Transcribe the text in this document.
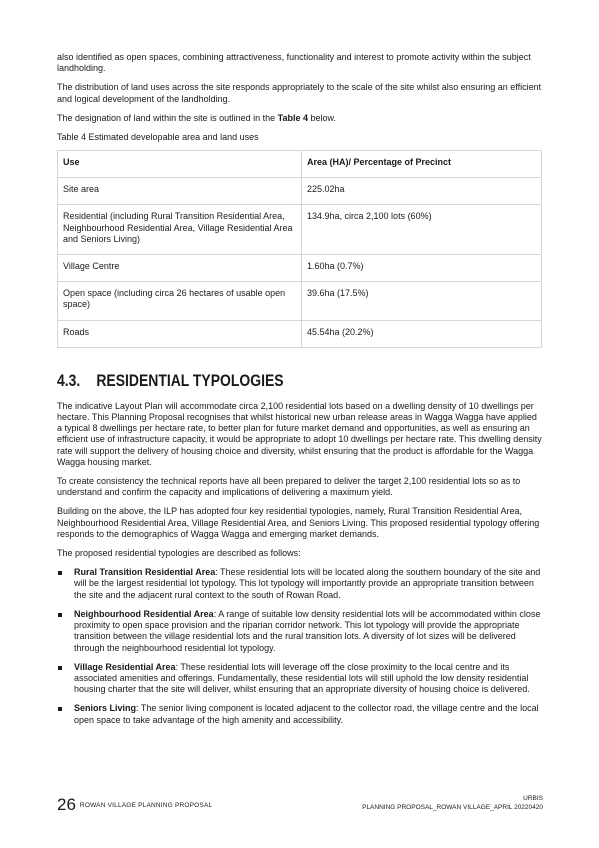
also identified as open spaces, combining attractiveness, functionality and interest to promote activity within the subject landholding.

The distribution of land uses across the site responds appropriately to the scale of the site whilst also ensuring an efficient and logical development of the landholding.

The designation of land within the site is outlined in the Table 4 below.

Table 4 Estimated developable area and land uses
Use	Area (HA)/ Percentage of Precinct
Site area	225.02ha
Residential (including Rural Transition Residential Area, Neighbourhood Residential Area, Village Residential Area and Seniors Living)	134.9ha, circa 2,100 lots (60%)
Village Centre	1.60ha (0.7%)
Open space (including circa 26 hectares of usable open space)	39.6ha (17.5%)
Roads	45.54ha (20.2%)
4.3. RESIDENTIAL TYPOLOGIES

The indicative Layout Plan will accommodate circa 2,100 residential lots based on a dwelling density of 10 dwellings per hectare. This Planning Proposal recognises that whilst historical new urban release areas in Wagga Wagga have applied a typical 8 dwellings per hectare rate, to better plan for future market demand and opportunities, as well as ensuring an efficient use of infrastructure capacity, it would be appropriate to adopt 10 dwellings per hectare rate. This dwelling density rate will support the delivery of housing choice and diversity, whilst ensuring that the product is affordable for the Wagga Wagga housing market.

To create consistency the technical reports have all been prepared to deliver the target 2,100 residential lots so as to understand and confirm the capacity and implications of delivering a maximum yield.

Building on the above, the ILP has adopted four key residential typologies, namely, Rural Transition Residential Area, Neighbourhood Residential Area, Village Residential Area, and Seniors Living. This proposed residential typology offering responds to the demographics of Wagga Wagga and emerging market demands.

The proposed residential typologies are described as follows:

Rural Transition Residential Area: These residential lots will be located along the southern boundary of the site and will be the largest residential lot typology. This lot typology will importantly provide an appropriate transition between the site and the adjacent rural context to the south of Rowan Road.
Neighbourhood Residential Area: A range of suitable low density residential lots will be accommodated within close proximity to open space provision and the riparian corridor network. This lot typology will provide the appropriate transition between the village residential lots and the rural transition lots. A diversity of lot sizes will be delivered through the neighbourhood residential lot typology.
Village Residential Area: These residential lots will leverage off the close proximity to the local centre and its associated amenities and offerings. Fundamentally, these residential lots will still uphold the low density residential housing charter that the site will deliver, whilst ensuring that an appropriate diversity of housing choice is delivered.
Seniors Living: The senior living component is located adjacent to the collector road, the village centre and the local open space to take advantage of the high amenity and accessibility.
26 ROWAN VILLAGE PLANNING PROPOSAL
URBIS
PLANNING PROPOSAL_ROWAN VILLAGE_APRIL 20220420
